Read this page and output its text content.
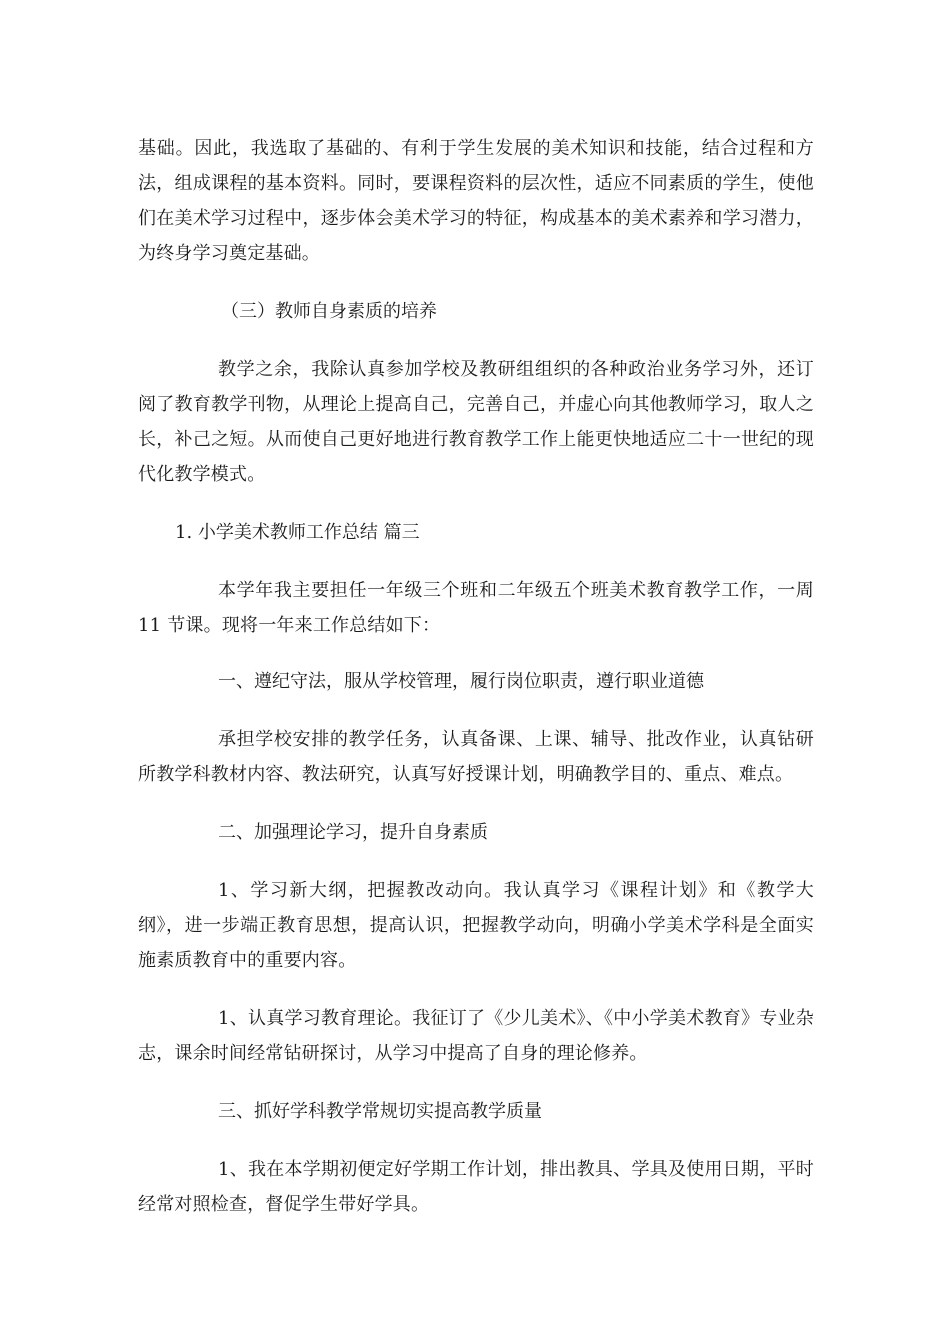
基础。因此，我选取了基础的、有利于学生发展的美术知识和技能，结合过程和方法，组成课程的基本资料。同时，要课程资料的层次性，适应不同素质的学生，使他们在美术学习过程中，逐步体会美术学习的特征，构成基本的美术素养和学习潜力，为终身学习奠定基础。

（三）教师自身素质的培养

教学之余，我除认真参加学校及教研组组织的各种政治业务学习外，还订阅了教育教学刊物，从理论上提高自己，完善自己，并虚心向其他教师学习，取人之长，补己之短。从而使自己更好地进行教育教学工作上能更快地适应二十一世纪的现代化教学模式。

1. 小学美术教师工作总结 篇三

本学年我主要担任一年级三个班和二年级五个班美术教育教学工作，一周 11 节课。现将一年来工作总结如下：

一、遵纪守法，服从学校管理，履行岗位职责，遵行职业道德

承担学校安排的教学任务，认真备课、上课、辅导、批改作业，认真钻研所教学科教材内容、教法研究，认真写好授课计划，明确教学目的、重点、难点。

二、加强理论学习，提升自身素质

1、学习新大纲，把握教改动向。我认真学习《课程计划》和《教学大纲》，进一步端正教育思想，提高认识，把握教学动向，明确小学美术学科是全面实施素质教育中的重要内容。

1、认真学习教育理论。我征订了《少儿美术》、《中小学美术教育》专业杂志，课余时间经常钻研探讨，从学习中提高了自身的理论修养。

三、抓好学科教学常规切实提高教学质量

1、我在本学期初便定好学期工作计划，排出教具、学具及使用日期，平时经常对照检查，督促学生带好学具。
